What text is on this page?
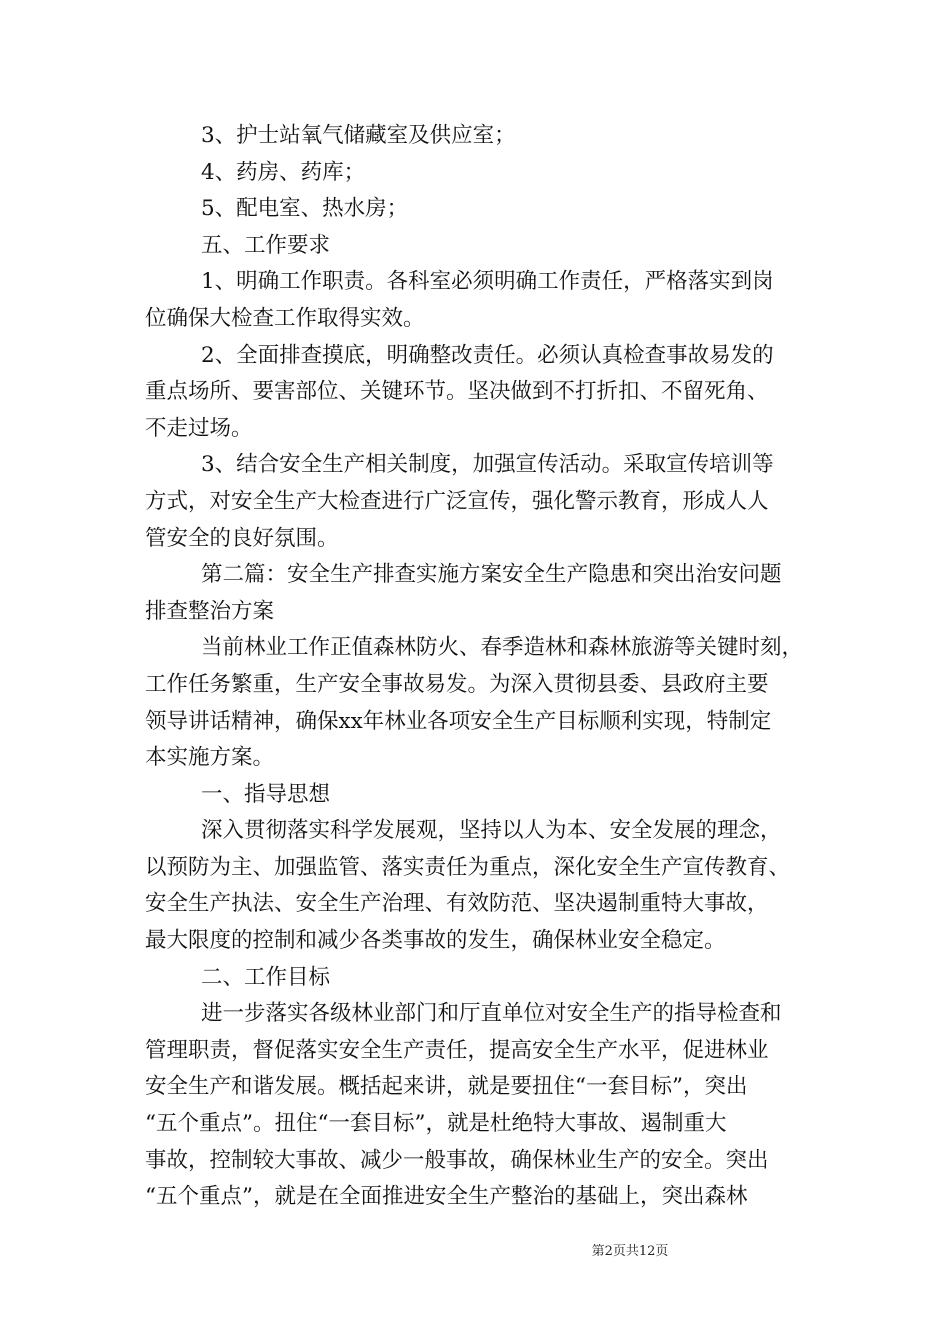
3、护士站氧气储藏室及供应室；

4、药房、药库；

5、配电室、热水房；

五、工作要求

1、明确工作职责。各科室必须明确工作责任，严格落实到岗

位确保大检查工作取得实效。

2、全面排查摸底，明确整改责任。必须认真检查事故易发的

重点场所、要害部位、关键环节。坚决做到不打折扣、不留死角、

不走过场。

3、结合安全生产相关制度，加强宣传活动。采取宣传培训等

方式，对安全生产大检查进行广泛宣传，强化警示教育，形成人人

管安全的良好氛围。

第二篇：安全生产排查实施方案安全生产隐患和突出治安问题

排查整治方案

当前林业工作正值森林防火、春季造林和森林旅游等关键时刻，

工作任务繁重，生产安全事故易发。为深入贯彻县委、县政府主要

领导讲话精神，确保xx年林业各项安全生产目标顺利实现，特制定

本实施方案。

一、指导思想

深入贯彻落实科学发展观，坚持以人为本、安全发展的理念，

以预防为主、加强监管、落实责任为重点，深化安全生产宣传教育、

安全生产执法、安全生产治理、有效防范、坚决遏制重特大事故，

最大限度的控制和减少各类事故的发生，确保林业安全稳定。

二、工作目标

进一步落实各级林业部门和厅直单位对安全生产的指导检查和

管理职责，督促落实安全生产责任，提高安全生产水平，促进林业

安全生产和谐发展。概括起来讲，就是要扭住“一套目标”，突出

“五个重点”。扭住“一套目标”，就是杜绝特大事故、遏制重大

事故，控制较大事故、减少一般事故，确保林业生产的安全。突出

“五个重点”，就是在全面推进安全生产整治的基础上，突出森林

第2页共12页
